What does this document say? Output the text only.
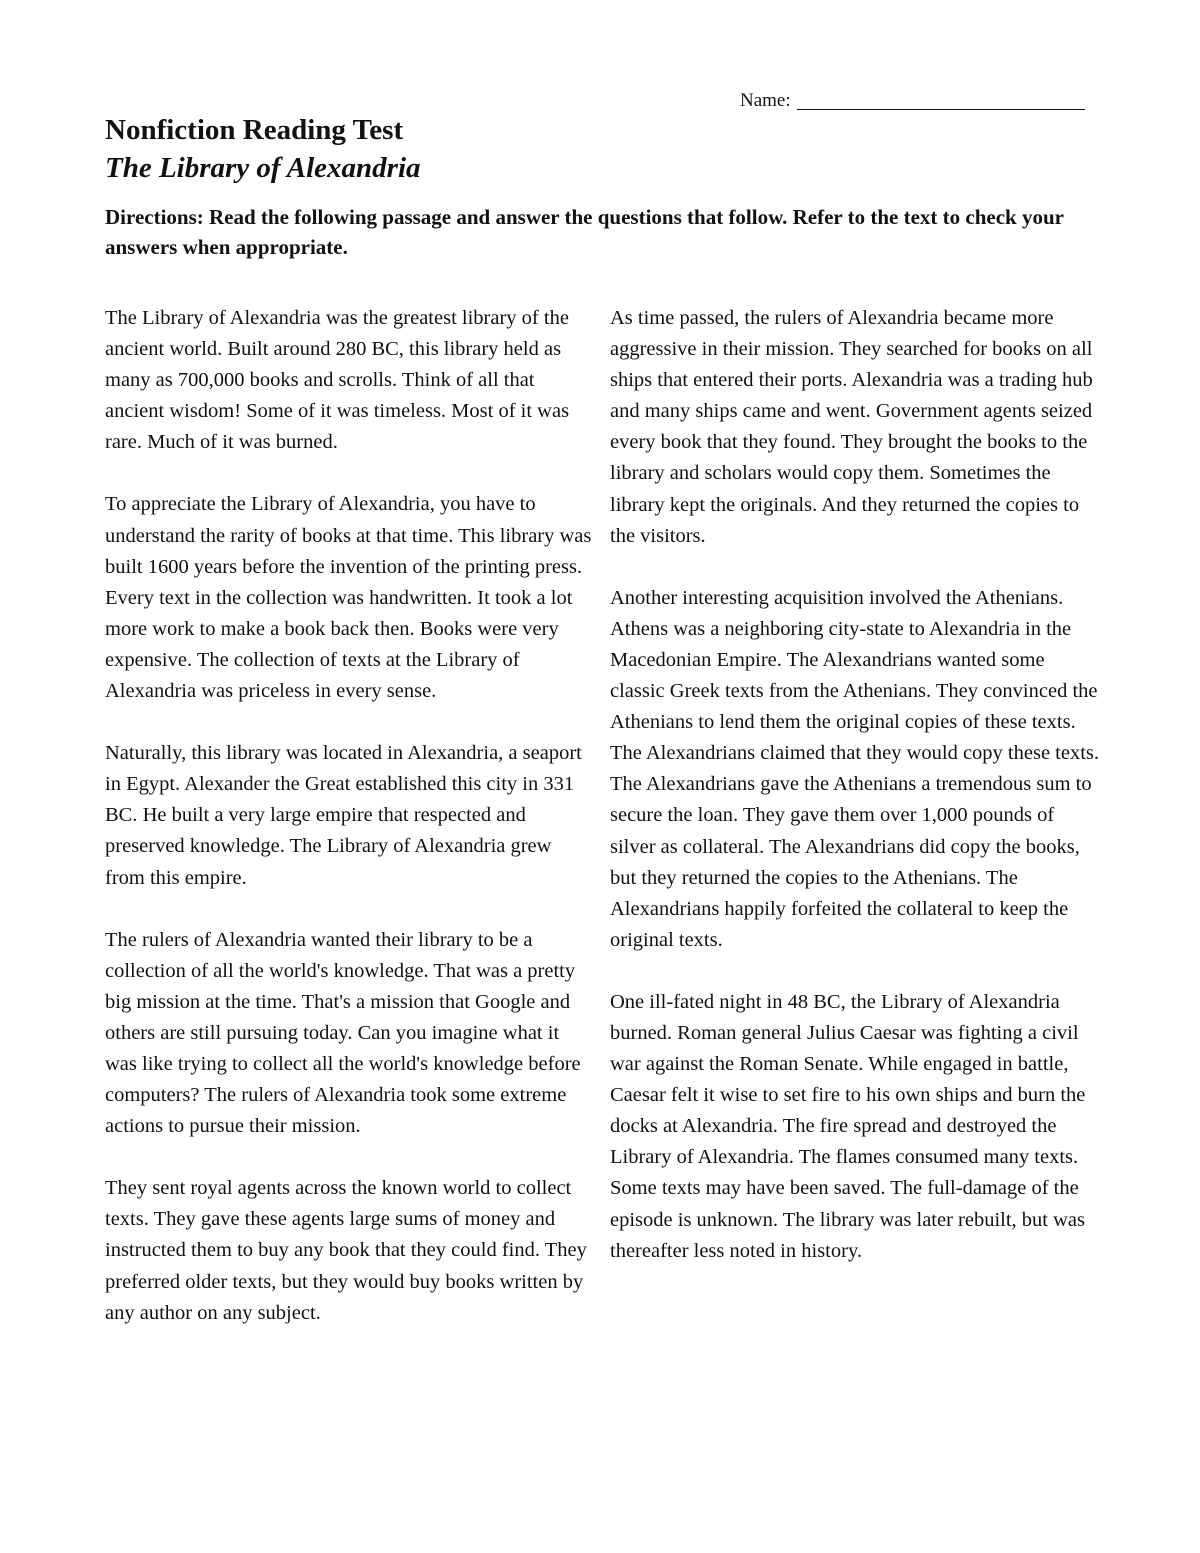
Name:
Nonfiction Reading Test
The Library of Alexandria

Directions: Read the following passage and answer the questions that follow. Refer to the text to check your answers when appropriate.

The Library of Alexandria was the greatest library of the ancient world. Built around 280 BC, this library held as many as 700,000 books and scrolls. Think of all that ancient wisdom! Some of it was timeless. Most of it was rare. Much of it was burned.

To appreciate the Library of Alexandria, you have to understand the rarity of books at that time. This library was built 1600 years before the invention of the printing press. Every text in the collection was handwritten. It took a lot more work to make a book back then. Books were very expensive. The collection of texts at the Library of Alexandria was priceless in every sense.

Naturally, this library was located in Alexandria, a seaport in Egypt. Alexander the Great established this city in 331 BC. He built a very large empire that respected and preserved knowledge. The Library of Alexandria grew from this empire.

The rulers of Alexandria wanted their library to be a collection of all the world's knowledge. That was a pretty big mission at the time. That's a mission that Google and others are still pursuing today. Can you imagine what it was like trying to collect all the world's knowledge before computers? The rulers of Alexandria took some extreme actions to pursue their mission.

They sent royal agents across the known world to collect texts. They gave these agents large sums of money and instructed them to buy any book that they could find. They preferred older texts, but they would buy books written by any author on any subject.

As time passed, the rulers of Alexandria became more aggressive in their mission. They searched for books on all ships that entered their ports. Alexandria was a trading hub and many ships came and went. Government agents seized every book that they found. They brought the books to the library and scholars would copy them. Sometimes the library kept the originals. And they returned the copies to the visitors.

Another interesting acquisition involved the Athenians. Athens was a neighboring city-state to Alexandria in the Macedonian Empire. The Alexandrians wanted some classic Greek texts from the Athenians. They convinced the Athenians to lend them the original copies of these texts. The Alexandrians claimed that they would copy these texts. The Alexandrians gave the Athenians a tremendous sum to secure the loan. They gave them over 1,000 pounds of silver as collateral. The Alexandrians did copy the books, but they returned the copies to the Athenians. The Alexandrians happily forfeited the collateral to keep the original texts.

One ill-fated night in 48 BC, the Library of Alexandria burned. Roman general Julius Caesar was fighting a civil war against the Roman Senate. While engaged in battle, Caesar felt it wise to set fire to his own ships and burn the docks at Alexandria. The fire spread and destroyed the Library of Alexandria. The flames consumed many texts. Some texts may have been saved. The full-damage of the episode is unknown. The library was later rebuilt, but was thereafter less noted in history.
